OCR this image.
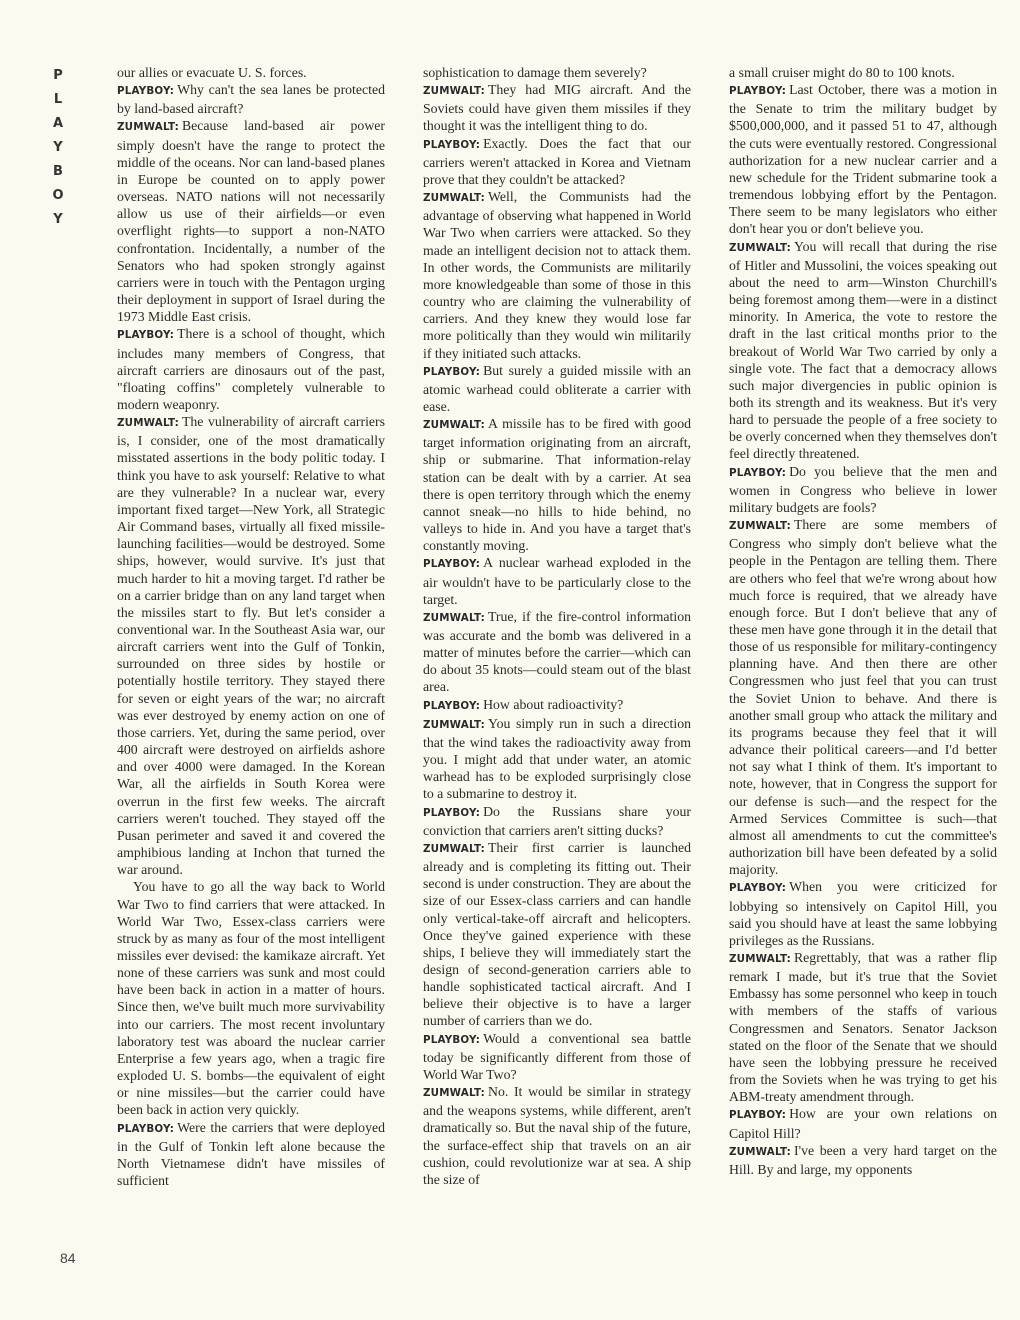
P
L
A
Y
B
O
Y

our allies or evacuate U. S. forces.

PLAYBOY: Why can't the sea lanes be protected by land-based aircraft?

ZUMWALT: Because land-based air power simply doesn't have the range to protect the middle of the oceans. Nor can land-based planes in Europe be counted on to apply power overseas. NATO nations will not necessarily allow us use of their airfields—or even overflight rights—to support a non-NATO confrontation. Incidentally, a number of the Senators who had spoken strongly against carriers were in touch with the Pentagon urging their deployment in support of Israel during the 1973 Middle East crisis.

PLAYBOY: There is a school of thought, which includes many members of Congress, that aircraft carriers are dinosaurs out of the past, "floating coffins" completely vulnerable to modern weaponry.

ZUMWALT: The vulnerability of aircraft carriers is, I consider, one of the most dramatically misstated assertions in the body politic today. I think you have to ask yourself: Relative to what are they vulnerable? In a nuclear war, every important fixed target—New York, all Strategic Air Command bases, virtually all fixed missile-launching facilities—would be destroyed. Some ships, however, would survive. It's just that much harder to hit a moving target. I'd rather be on a carrier bridge than on any land target when the missiles start to fly. But let's consider a conventional war. In the Southeast Asia war, our aircraft carriers went into the Gulf of Tonkin, surrounded on three sides by hostile or potentially hostile territory. They stayed there for seven or eight years of the war; no aircraft was ever destroyed by enemy action on one of those carriers. Yet, during the same period, over 400 aircraft were destroyed on airfields ashore and over 4000 were damaged. In the Korean War, all the airfields in South Korea were overrun in the first few weeks. The aircraft carriers weren't touched. They stayed off the Pusan perimeter and saved it and covered the amphibious landing at Inchon that turned the war around.

You have to go all the way back to World War Two to find carriers that were attacked. In World War Two, Essex-class carriers were struck by as many as four of the most intelligent missiles ever devised: the kamikaze aircraft. Yet none of these carriers was sunk and most could have been back in action in a matter of hours. Since then, we've built much more survivability into our carriers. The most recent involuntary laboratory test was aboard the nuclear carrier Enterprise a few years ago, when a tragic fire exploded U. S. bombs—the equivalent of eight or nine missiles—but the carrier could have been back in action very quickly.

PLAYBOY: Were the carriers that were deployed in the Gulf of Tonkin left alone because the North Vietnamese didn't have missiles of sufficient

sophistication to damage them severely?

ZUMWALT: They had MIG aircraft. And the Soviets could have given them missiles if they thought it was the intelligent thing to do.

PLAYBOY: Exactly. Does the fact that our carriers weren't attacked in Korea and Vietnam prove that they couldn't be attacked?

ZUMWALT: Well, the Communists had the advantage of observing what happened in World War Two when carriers were attacked. So they made an intelligent decision not to attack them. In other words, the Communists are militarily more knowledgeable than some of those in this country who are claiming the vulnerability of carriers. And they knew they would lose far more politically than they would win militarily if they initiated such attacks.

PLAYBOY: But surely a guided missile with an atomic warhead could obliterate a carrier with ease.

ZUMWALT: A missile has to be fired with good target information originating from an aircraft, ship or submarine. That information-relay station can be dealt with by a carrier. At sea there is open territory through which the enemy cannot sneak—no hills to hide behind, no valleys to hide in. And you have a target that's constantly moving.

PLAYBOY: A nuclear warhead exploded in the air wouldn't have to be particularly close to the target.

ZUMWALT: True, if the fire-control information was accurate and the bomb was delivered in a matter of minutes before the carrier—which can do about 35 knots—could steam out of the blast area.

PLAYBOY: How about radioactivity?

ZUMWALT: You simply run in such a direction that the wind takes the radioactivity away from you. I might add that under water, an atomic warhead has to be exploded surprisingly close to a submarine to destroy it.

PLAYBOY: Do the Russians share your conviction that carriers aren't sitting ducks?

ZUMWALT: Their first carrier is launched already and is completing its fitting out. Their second is under construction. They are about the size of our Essex-class carriers and can handle only vertical-take-off aircraft and helicopters. Once they've gained experience with these ships, I believe they will immediately start the design of second-generation carriers able to handle sophisticated tactical aircraft. And I believe their objective is to have a larger number of carriers than we do.

PLAYBOY: Would a conventional sea battle today be significantly different from those of World War Two?

ZUMWALT: No. It would be similar in strategy and the weapons systems, while different, aren't dramatically so. But the naval ship of the future, the surface-effect ship that travels on an air cushion, could revolutionize war at sea. A ship the size of

a small cruiser might do 80 to 100 knots.

PLAYBOY: Last October, there was a motion in the Senate to trim the military budget by $500,000,000, and it passed 51 to 47, although the cuts were eventually restored. Congressional authorization for a new nuclear carrier and a new schedule for the Trident submarine took a tremendous lobbying effort by the Pentagon. There seem to be many legislators who either don't hear you or don't believe you.

ZUMWALT: You will recall that during the rise of Hitler and Mussolini, the voices speaking out about the need to arm—Winston Churchill's being foremost among them—were in a distinct minority. In America, the vote to restore the draft in the last critical months prior to the breakout of World War Two carried by only a single vote. The fact that a democracy allows such major divergencies in public opinion is both its strength and its weakness. But it's very hard to persuade the people of a free society to be overly concerned when they themselves don't feel directly threatened.

PLAYBOY: Do you believe that the men and women in Congress who believe in lower military budgets are fools?

ZUMWALT: There are some members of Congress who simply don't believe what the people in the Pentagon are telling them. There are others who feel that we're wrong about how much force is required, that we already have enough force. But I don't believe that any of these men have gone through it in the detail that those of us responsible for military-contingency planning have. And then there are other Congressmen who just feel that you can trust the Soviet Union to behave. And there is another small group who attack the military and its programs because they feel that it will advance their political careers—and I'd better not say what I think of them. It's important to note, however, that in Congress the support for our defense is such—and the respect for the Armed Services Committee is such—that almost all amendments to cut the committee's authorization bill have been defeated by a solid majority.

PLAYBOY: When you were criticized for lobbying so intensively on Capitol Hill, you said you should have at least the same lobbying privileges as the Russians.

ZUMWALT: Regrettably, that was a rather flip remark I made, but it's true that the Soviet Embassy has some personnel who keep in touch with members of the staffs of various Congressmen and Senators. Senator Jackson stated on the floor of the Senate that we should have seen the lobbying pressure he received from the Soviets when he was trying to get his ABM-treaty amendment through.

PLAYBOY: How are your own relations on Capitol Hill?

ZUMWALT: I've been a very hard target on the Hill. By and large, my opponents

84
